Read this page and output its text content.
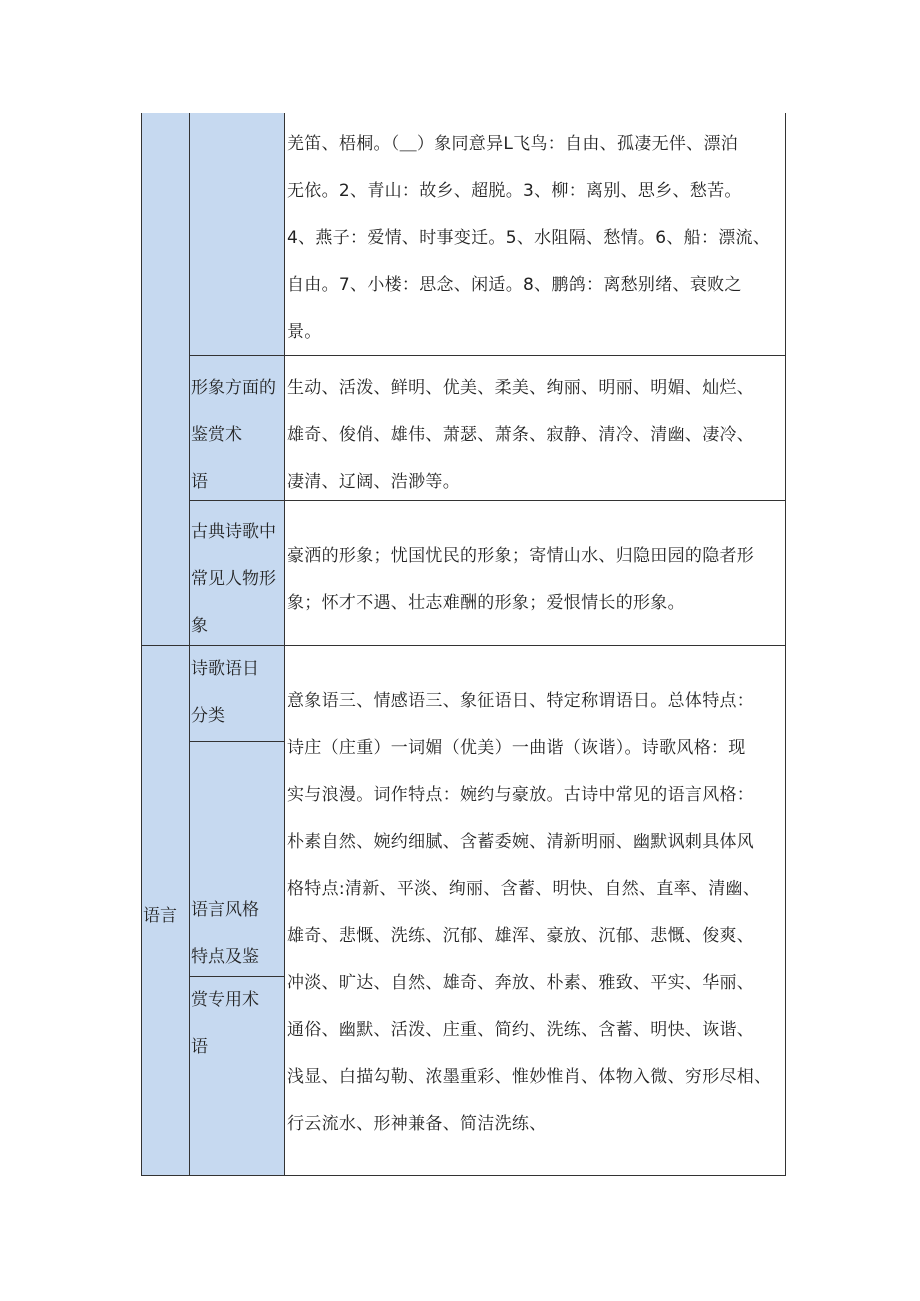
羌笛、梧桐。（＿）象同意异L飞鸟：自由、孤凄无伴、漂泊
无依。2、青山：故乡、超脱。3、柳：离别、思乡、愁苦。
4、燕子：爱情、时事变迁。5、水阻隔、愁情。6、船：漂流、
自由。7、小楼：思念、闲适。8、鹏鸽：离愁别绪、衰败之
景。
形象方面的
鉴赏术
语
生动、活泼、鲜明、优美、柔美、绚丽、明丽、明媚、灿烂、
雄奇、俊俏、雄伟、萧瑟、萧条、寂静、清冷、清幽、凄冷、
凄清、辽阔、浩渺等。
古典诗歌中
常见人物形
象
豪洒的形象；忧国忧民的形象；寄情山水、归隐田园的隐者形
象；怀才不遇、壮志难酬的形象；爱恨情长的形象。
语言
诗歌语日
分类
语言风格
特点及鉴
赏专用术
语
意象语三、情感语三、象征语日、特定称谓语日。总体特点：
诗庄（庄重）一词媚（优美）一曲谐（诙谐）。诗歌风格：现
实与浪漫。词作特点：婉约与豪放。古诗中常见的语言风格：
朴素自然、婉约细腻、含蓄委婉、清新明丽、幽默讽刺具体风
格特点:清新、平淡、绚丽、含蓄、明快、自然、直率、清幽、
雄奇、悲慨、洗练、沉郁、雄浑、豪放、沉郁、悲慨、俊爽、
冲淡、旷达、自然、雄奇、奔放、朴素、雅致、平实、华丽、
通俗、幽默、活泼、庄重、简约、洗练、含蓄、明快、诙谐、
浅显、白描勾勒、浓墨重彩、惟妙惟肖、体物入微、穷形尽相、
行云流水、形神兼备、简洁洗练、
